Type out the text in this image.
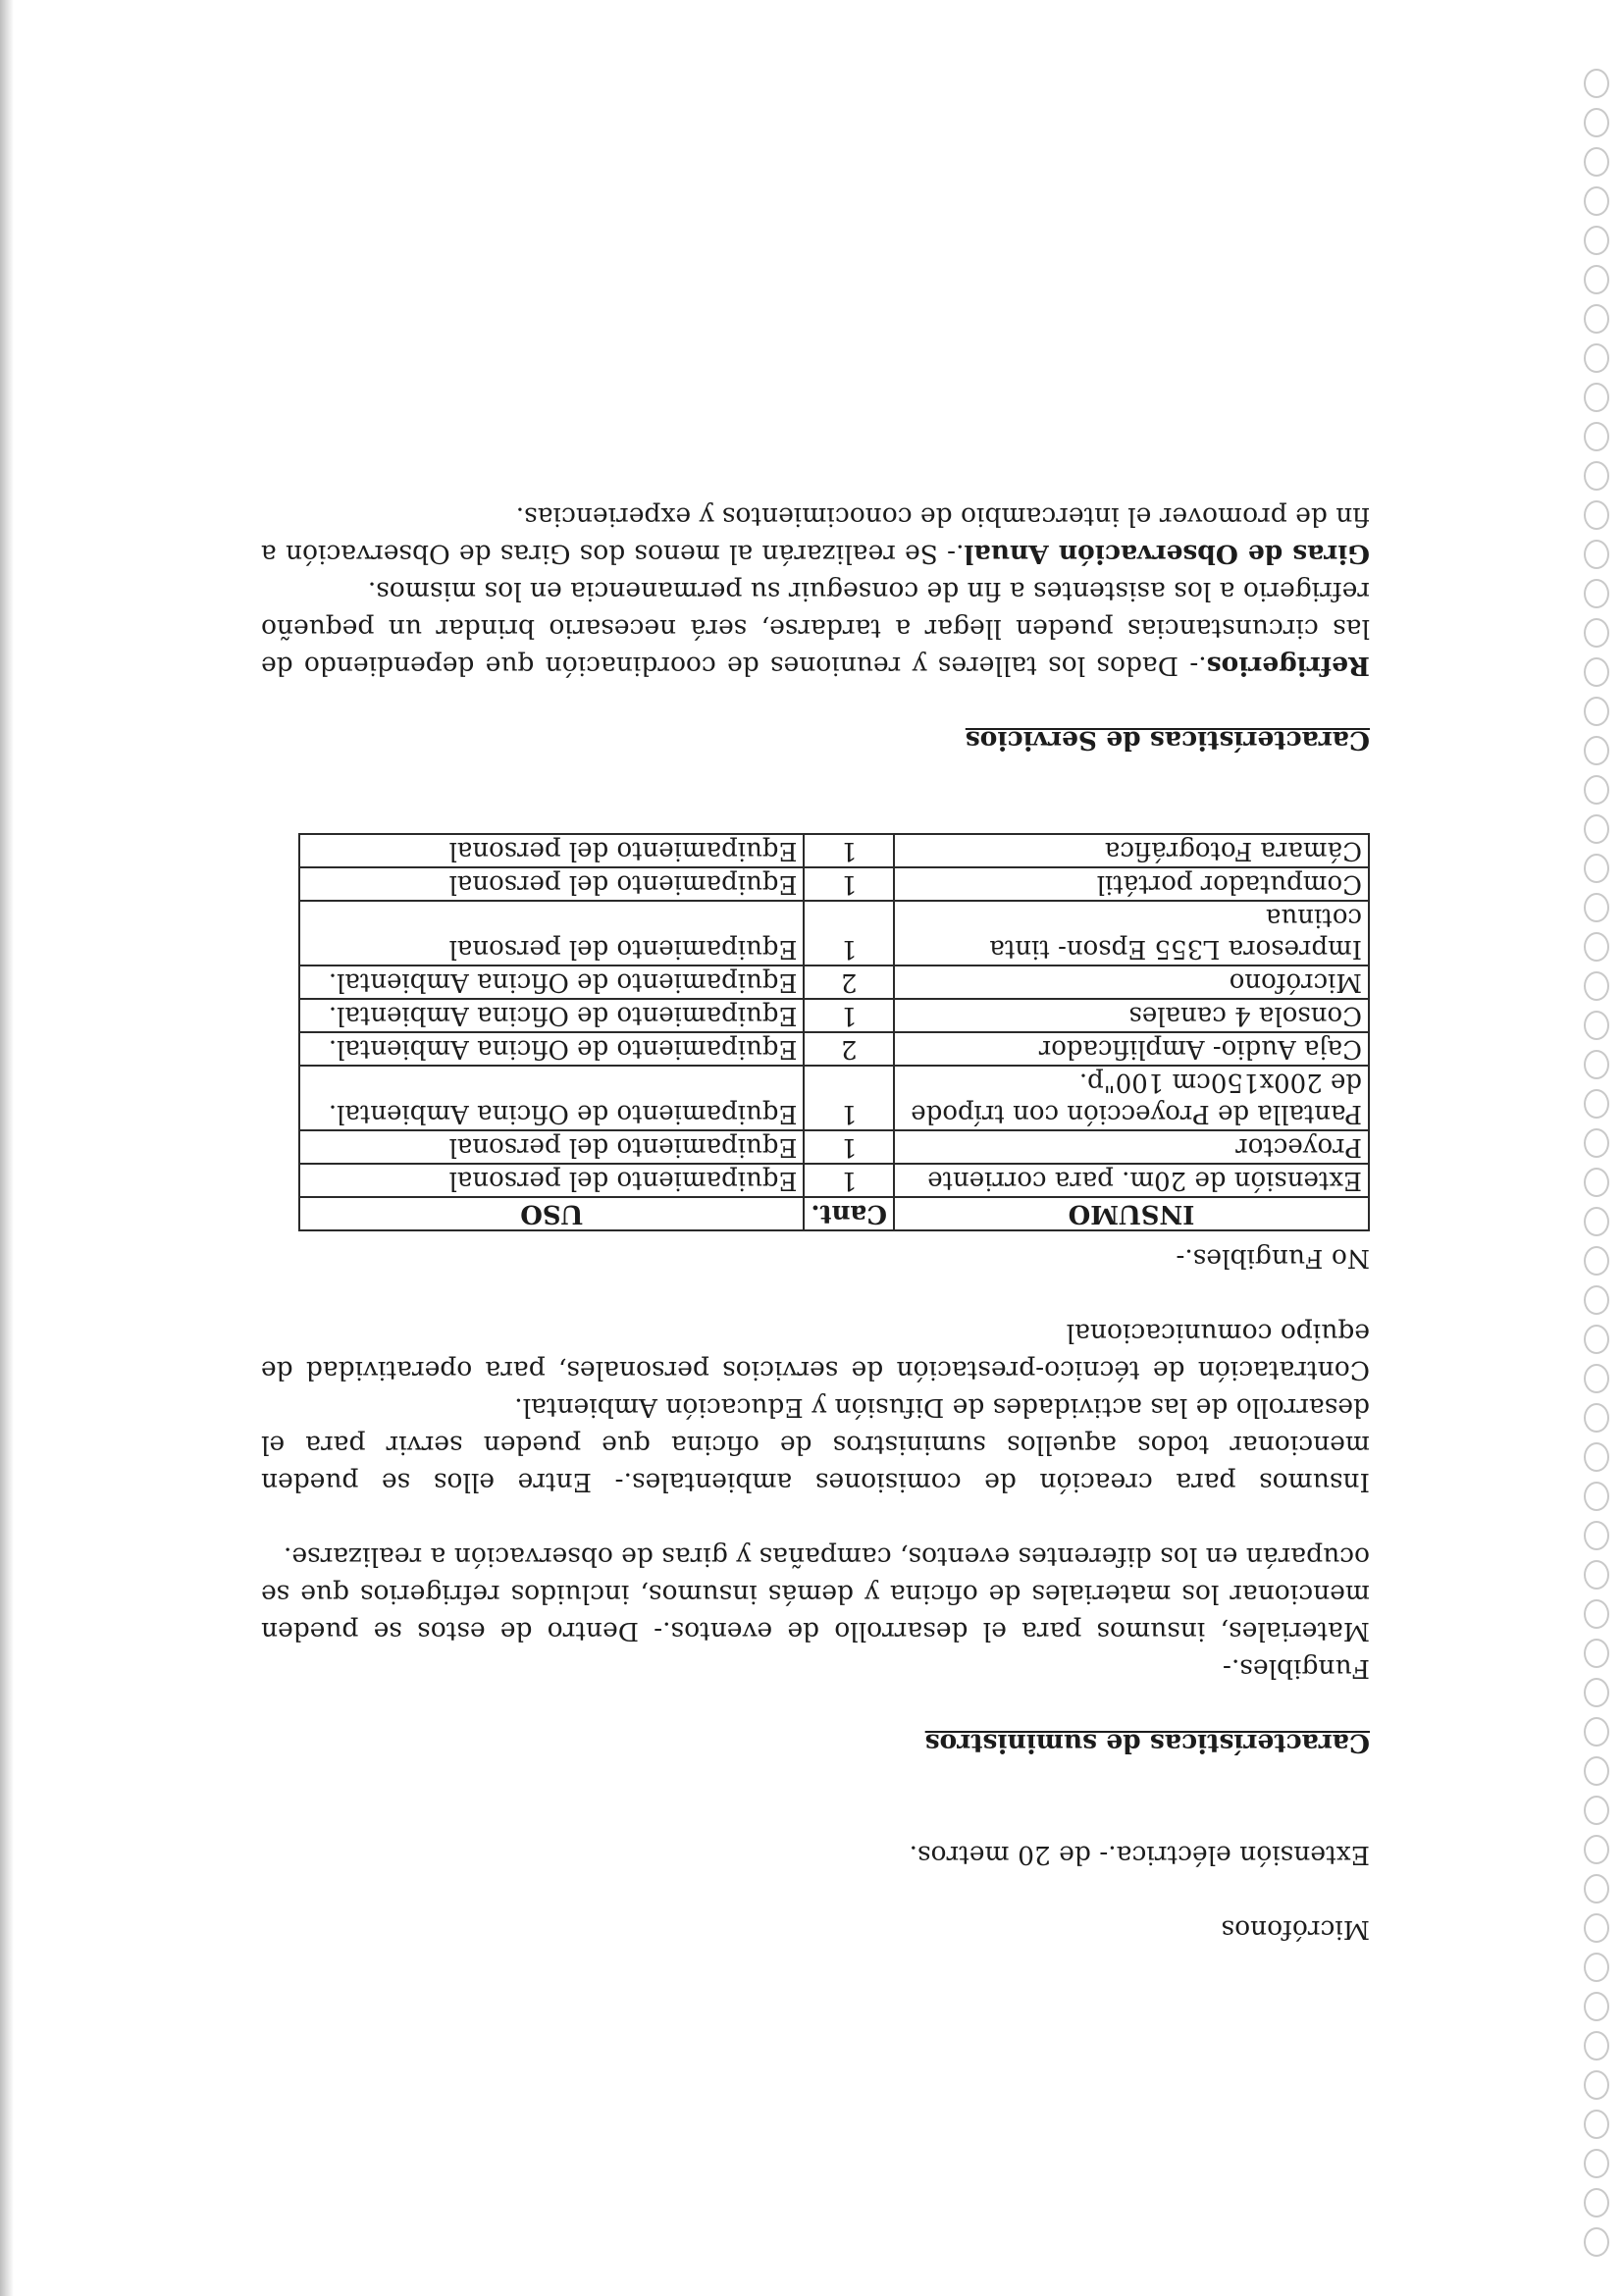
Micrófonos

Extensión eléctrica.- de 20 metros.

Características de suministros

Fungibles.-

Materiales, insumos para el desarrollo de eventos.- Dentro de estos se pueden mencionar los materiales de oficina y demás insumos, incluidos refrigerios que se ocuparán en los diferentes eventos, campañas y giras de observación a realizarse.

Insumos para creación de comisiones ambientales.- Entre ellos se pueden mencionar todos aquellos suministros de oficina que pueden servir para el desarrollo de las actividades de Difusión y Educación Ambiental.

Contratación de técnico-prestación de servicios personales, para operatividad de equipo comunicacional

No Fungibles.-

INSUMO	Cant.	USO
Extensión de 20m. para corriente	1	Equipamiento del personal
Proyector	1	Equipamiento del personal
Pantalla de Proyección con trípode de 200x150cm 100"p.	1	Equipamiento de Oficina Ambiental.
Caja Audio- Amplificador	2	Equipamiento de Oficina Ambiental.
Consola 4 canales	1	Equipamiento de Oficina Ambiental.
Micrófono	2	Equipamiento de Oficina Ambiental.
Impresora L355 Epson- tinta cotinua	1	Equipamiento del personal
Computador portátil	1	Equipamiento del personal
Cámara Fotográfica	1	Equipamiento del personal

Características de Servicios

Refrigerios.- Dados los talleres y reuniones de coordinación que dependiendo de las circunstancias pueden llegar a tardarse, será necesario brindar un pequeño refrigerio a los asistentes a fin de conseguir su permanencia en los mismos.

Giras de Observación Anual.- Se realizarán al menos dos Giras de Observación a fin de promover el intercambio de conocimientos y experiencias.
